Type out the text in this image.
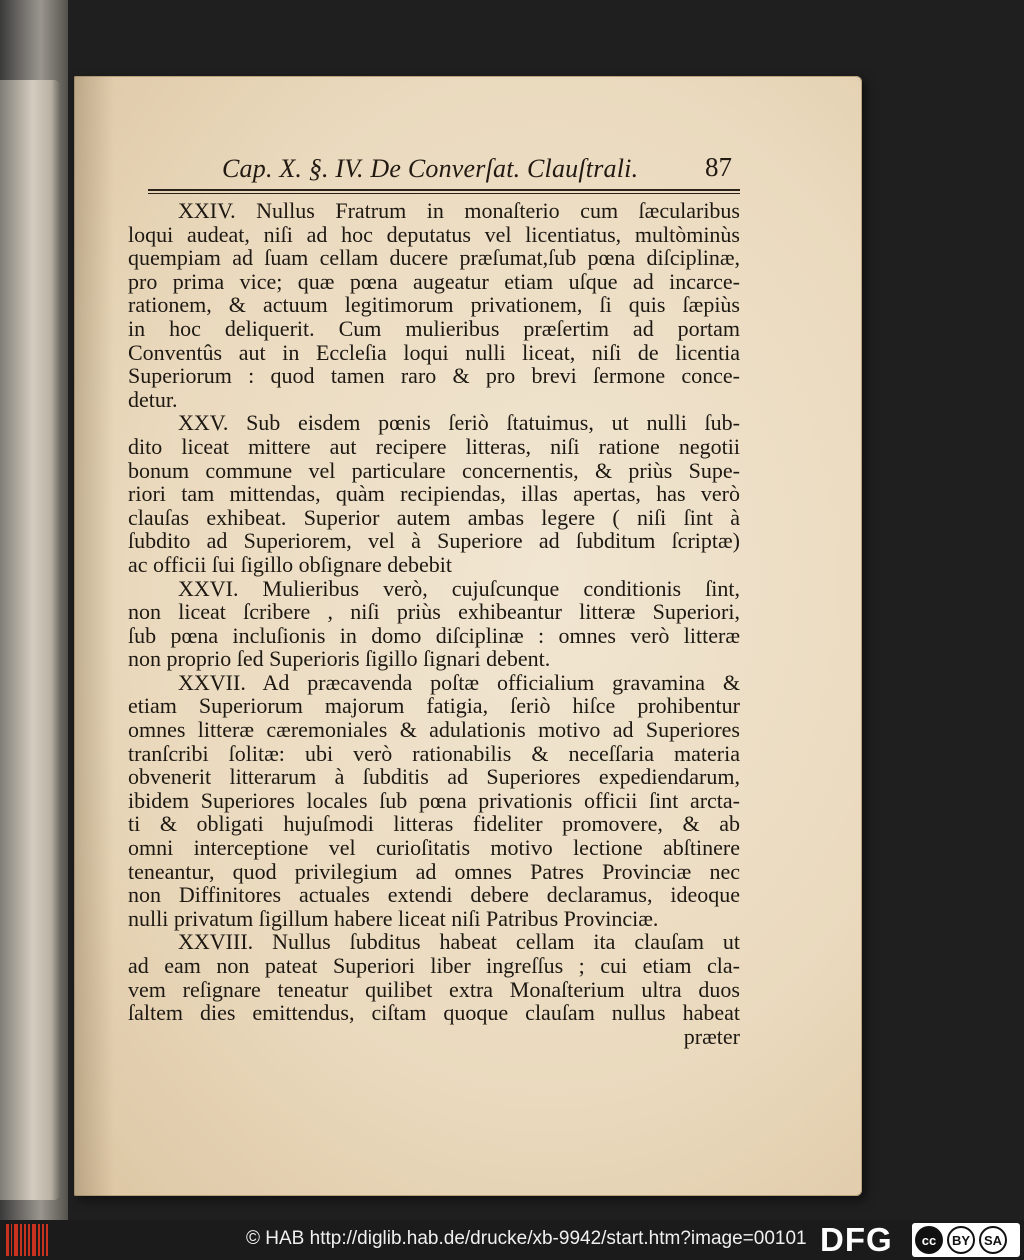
Cap. X. §. IV. De Converſat. Clauſtrali. 87
XXIV. Nullus Fratrum in monaſterio cum ſæcularibus
loqui audeat, niſi ad hoc deputatus vel licentiatus, multòminùs
quempiam ad ſuam cellam ducere præſumat,ſub pœna diſciplinæ,
pro prima vice; quæ pœna augeatur etiam uſque ad incarce-
rationem, & actuum legitimorum privationem, ſi quis ſæpiùs
in hoc deliquerit. Cum mulieribus præſertim ad portam
Conventûs aut in Eccleſia loqui nulli liceat, niſi de licentia
Superiorum : quod tamen raro & pro brevi ſermone conce-
detur.
XXV. Sub eisdem pœnis ſeriò ſtatuimus, ut nulli ſub-
dito liceat mittere aut recipere litteras, niſi ratione negotii
bonum commune vel particulare concernentis, & priùs Supe-
riori tam mittendas, quàm recipiendas, illas apertas, has verò
clauſas exhibeat. Superior autem ambas legere ( niſi ſint à
ſubdito ad Superiorem, vel à Superiore ad ſubditum ſcriptæ)
ac officii ſui ſigillo obſignare debebit
XXVI. Mulieribus verò, cujuſcunque conditionis ſint,
non liceat ſcribere , niſi priùs exhibeantur litteræ Superiori,
ſub pœna incluſionis in domo diſciplinæ : omnes verò litteræ
non proprio ſed Superioris ſigillo ſignari debent.
XXVII. Ad præcavenda poſtæ officialium gravamina &
etiam Superiorum majorum fatigia, ſeriò hiſce prohibentur
omnes litteræ cæremoniales & adulationis motivo ad Superiores
tranſcribi ſolitæ: ubi verò rationabilis & neceſſaria materia
obvenerit litterarum à ſubditis ad Superiores expediendarum,
ibidem Superiores locales ſub pœna privationis officii ſint arcta-
ti & obligati hujuſmodi litteras fideliter promovere, & ab
omni interceptione vel curioſitatis motivo lectione abſtinere
teneantur, quod privilegium ad omnes Patres Provinciæ nec
non Diffinitores actuales extendi debere declaramus, ideoque
nulli privatum ſigillum habere liceat niſi Patribus Provinciæ.
XXVIII. Nullus ſubditus habeat cellam ita clauſam ut
ad eam non pateat Superiori liber ingreſſus ; cui etiam cla-
vem reſignare teneatur quilibet extra Monaſterium ultra duos
ſaltem dies emittendus, ciſtam quoque clauſam nullus habeat
præter
© HAB http://diglib.hab.de/drucke/xb-9942/start.htm?image=00101 DFG	cc	BY	SA
